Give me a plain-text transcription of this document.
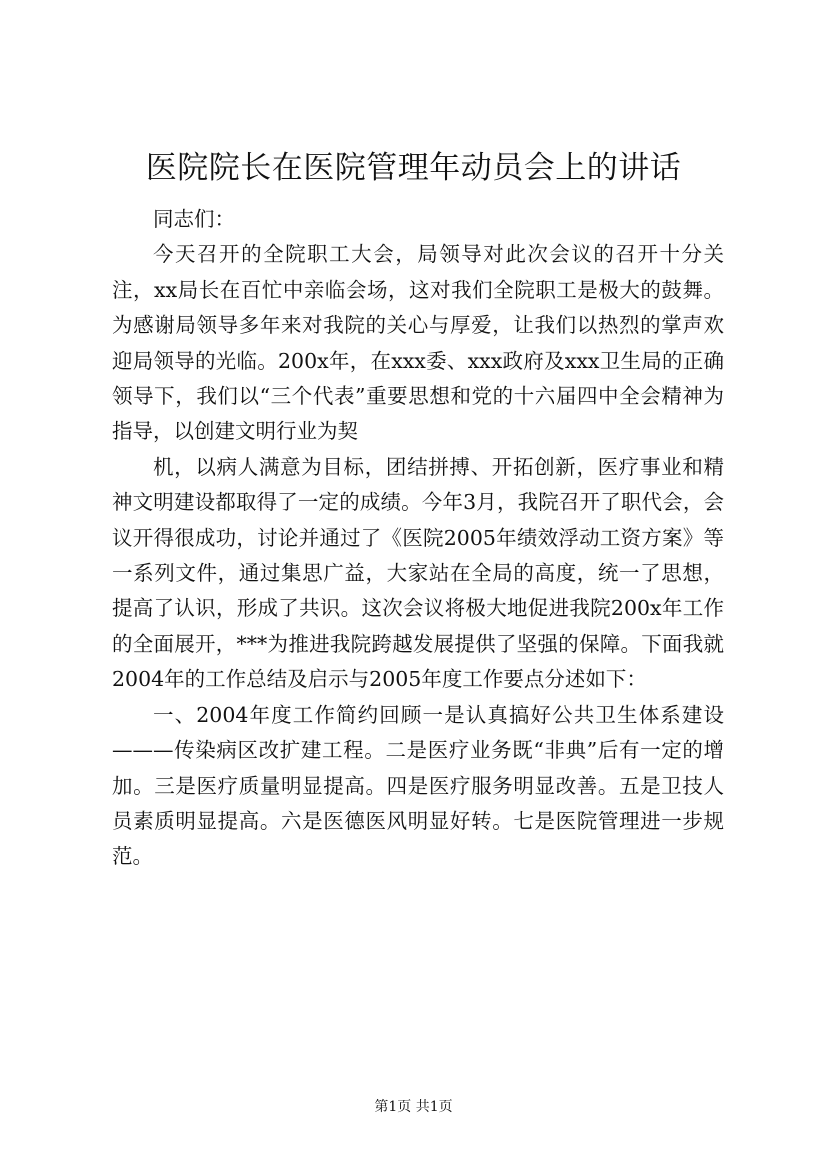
医院院长在医院管理年动员会上的讲话

同志们：

今天召开的全院职工大会，局领导对此次会议的召开十分关注，xx局长在百忙中亲临会场，这对我们全院职工是极大的鼓舞。为感谢局领导多年来对我院的关心与厚爱，让我们以热烈的掌声欢迎局领导的光临。200x年，在xxx委、xxx政府及xxx卫生局的正确领导下，我们以“三个代表”重要思想和党的十六届四中全会精神为指导，以创建文明行业为契

机，以病人满意为目标，团结拼搏、开拓创新，医疗事业和精神文明建设都取得了一定的成绩。今年3月，我院召开了职代会，会议开得很成功，讨论并通过了《医院2005年绩效浮动工资方案》等一系列文件，通过集思广益，大家站在全局的高度，统一了思想，提高了认识，形成了共识。这次会议将极大地促进我院200x年工作的全面展开，***为推进我院跨越发展提供了坚强的保障。下面我就2004年的工作总结及启示与2005年度工作要点分述如下：

一、2004年度工作简约回顾一是认真搞好公共卫生体系建设———传染病区改扩建工程。二是医疗业务既“非典”后有一定的增加。三是医疗质量明显提高。四是医疗服务明显改善。五是卫技人员素质明显提高。六是医德医风明显好转。七是医院管理进一步规范。

第1页 共1页
